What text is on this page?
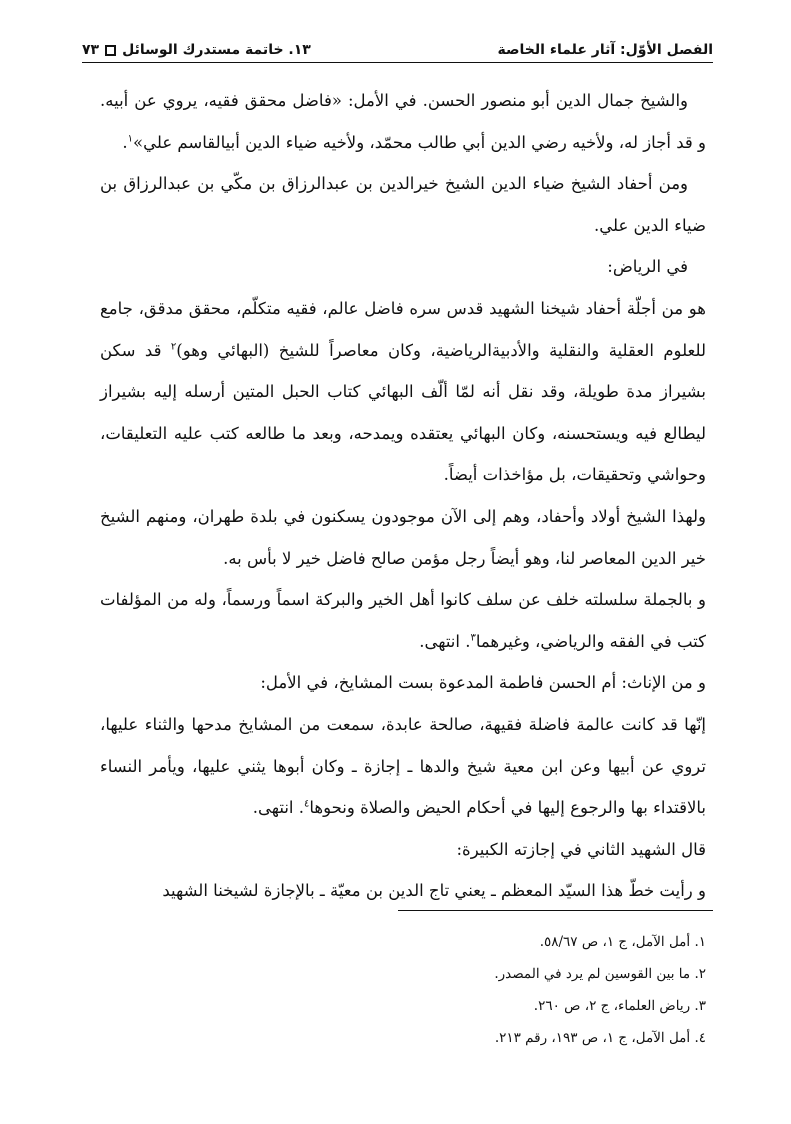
الفصل الأوّل: آثار علماء الخاصة
١٣. خاتمة مستدرك الوسائل
٧٣

والشيخ جمال الدين أبو منصور الحسن. في الأمل: «فاضل محقق فقيه، يروي عن أبيه. و قد أجاز له، ولأخيه رضي الدين أبي طالب محمّد، ولأخيه ضياء الدين أبيالقاسم علي»$^١$.

ومن أحفاد الشيخ ضياء الدين الشيخ خيرالدين بن عبدالرزاق بن مكّي بن عبدالرزاق بن ضياء الدين علي.

في الرياض:

هو من أجلّة أحفاد شيخنا الشهيد قدس سره فاضل عالم، فقيه متكلّم، محقق مدقق، جامع للعلوم العقلية والنقلية والأدبيةالرياضية، وكان معاصراً للشيخ (البهائي وهو)$^٢$ قد سكن بشيراز مدة طويلة، وقد نقل أنه لمّا ألّف البهائي كتاب الحبل المتين أرسله إليه بشيراز ليطالع فيه ويستحسنه، وكان البهائي يعتقده ويمدحه، وبعد ما طالعه كتب عليه التعليقات، وحواشي وتحقيقات، بل مؤاخذات أيضاً.

ولهذا الشيخ أولاد وأحفاد، وهم إلى الآن موجودون يسكنون في بلدة طهران، ومنهم الشيخ خير الدين المعاصر لنا، وهو أيضاً رجل مؤمن صالح فاضل خير لا بأس به.

و بالجملة سلسلته خلف عن سلف كانوا أهل الخير والبركة اسماً ورسماً، وله من المؤلفات كتب في الفقه والرياضي، وغيرهما$^٣$. انتهى.

و من الإناث: أم الحسن فاطمة المدعوة بست المشايخ، في الأمل:

إنّها قد كانت عالمة فاضلة فقيهة، صالحة عابدة، سمعت من المشايخ مدحها والثناء عليها، تروي عن أبيها وعن ابن معية شيخ والدها ـ إجازة ـ وكان أبوها يثني عليها، ويأمر النساء بالاقتداء بها والرجوع إليها في أحكام الحيض والصلاة ونحوها$^٤$. انتهى.

قال الشهيد الثاني في إجازته الكبيرة:

و رأيت خطّ هذا السيّد المعظم ـ يعني تاج الدين بن معيّة ـ بالإجازة لشيخنا الشهيد

١. أمل الآمل، ج ١، ص ٥٨/٦٧.

٢. ما بين القوسين لم يرد في المصدر.

٣. رياض العلماء، ج ٢، ص ٢٦٠.

٤. أمل الآمل، ج ١، ص ١٩٣، رقم ٢١٣.
